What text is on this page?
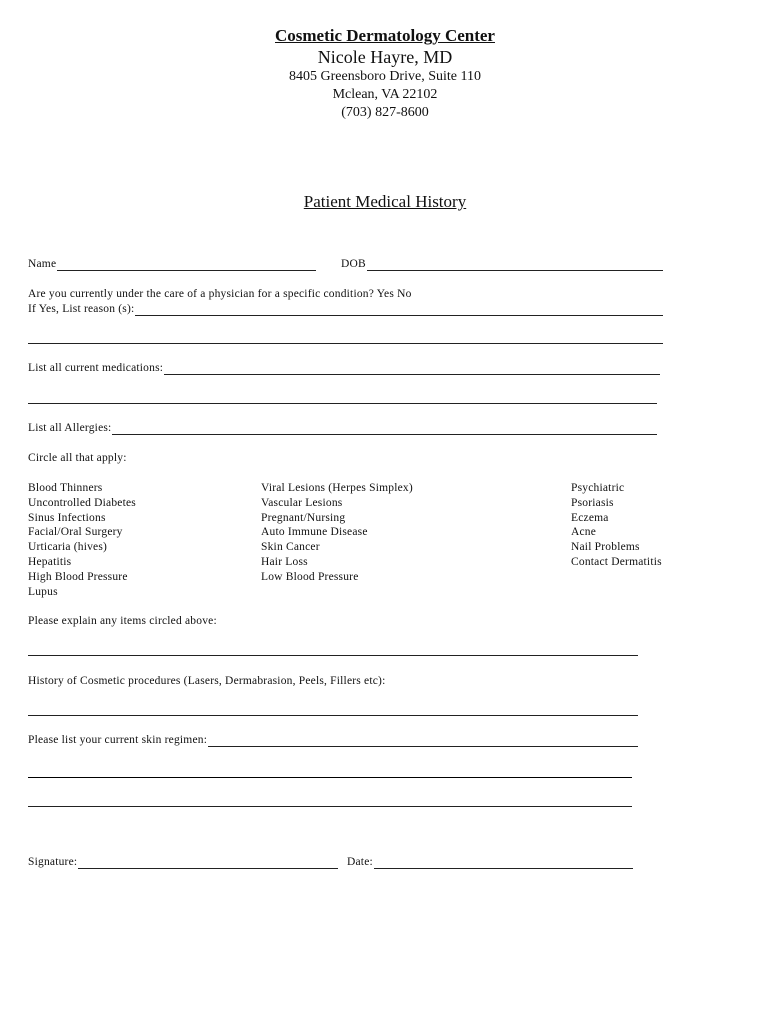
Cosmetic Dermatology Center
Nicole Hayre, MD
8405 Greensboro Drive, Suite 110
Mclean, VA 22102
(703) 827-8600
Patient Medical History
Name	DOB
Are you currently under the care of a physician for a specific condition? Yes No
If Yes, List reason (s):
List all current medications:
List all Allergies:
Circle all that apply:
Blood Thinners
Uncontrolled Diabetes
Sinus Infections
Facial/Oral Surgery
Urticaria (hives)
Hepatitis
High Blood Pressure
Lupus
Viral Lesions (Herpes Simplex)
Vascular Lesions
Pregnant/Nursing
Auto Immune Disease
Skin Cancer
Hair Loss
Low Blood Pressure
Psychiatric
Psoriasis
Eczema
Acne
Nail Problems
Contact Dermatitis
Please explain any items circled above:
History of Cosmetic procedures (Lasers, Dermabrasion, Peels, Fillers etc):
Please list your current skin regimen:
Signature:	Date:
